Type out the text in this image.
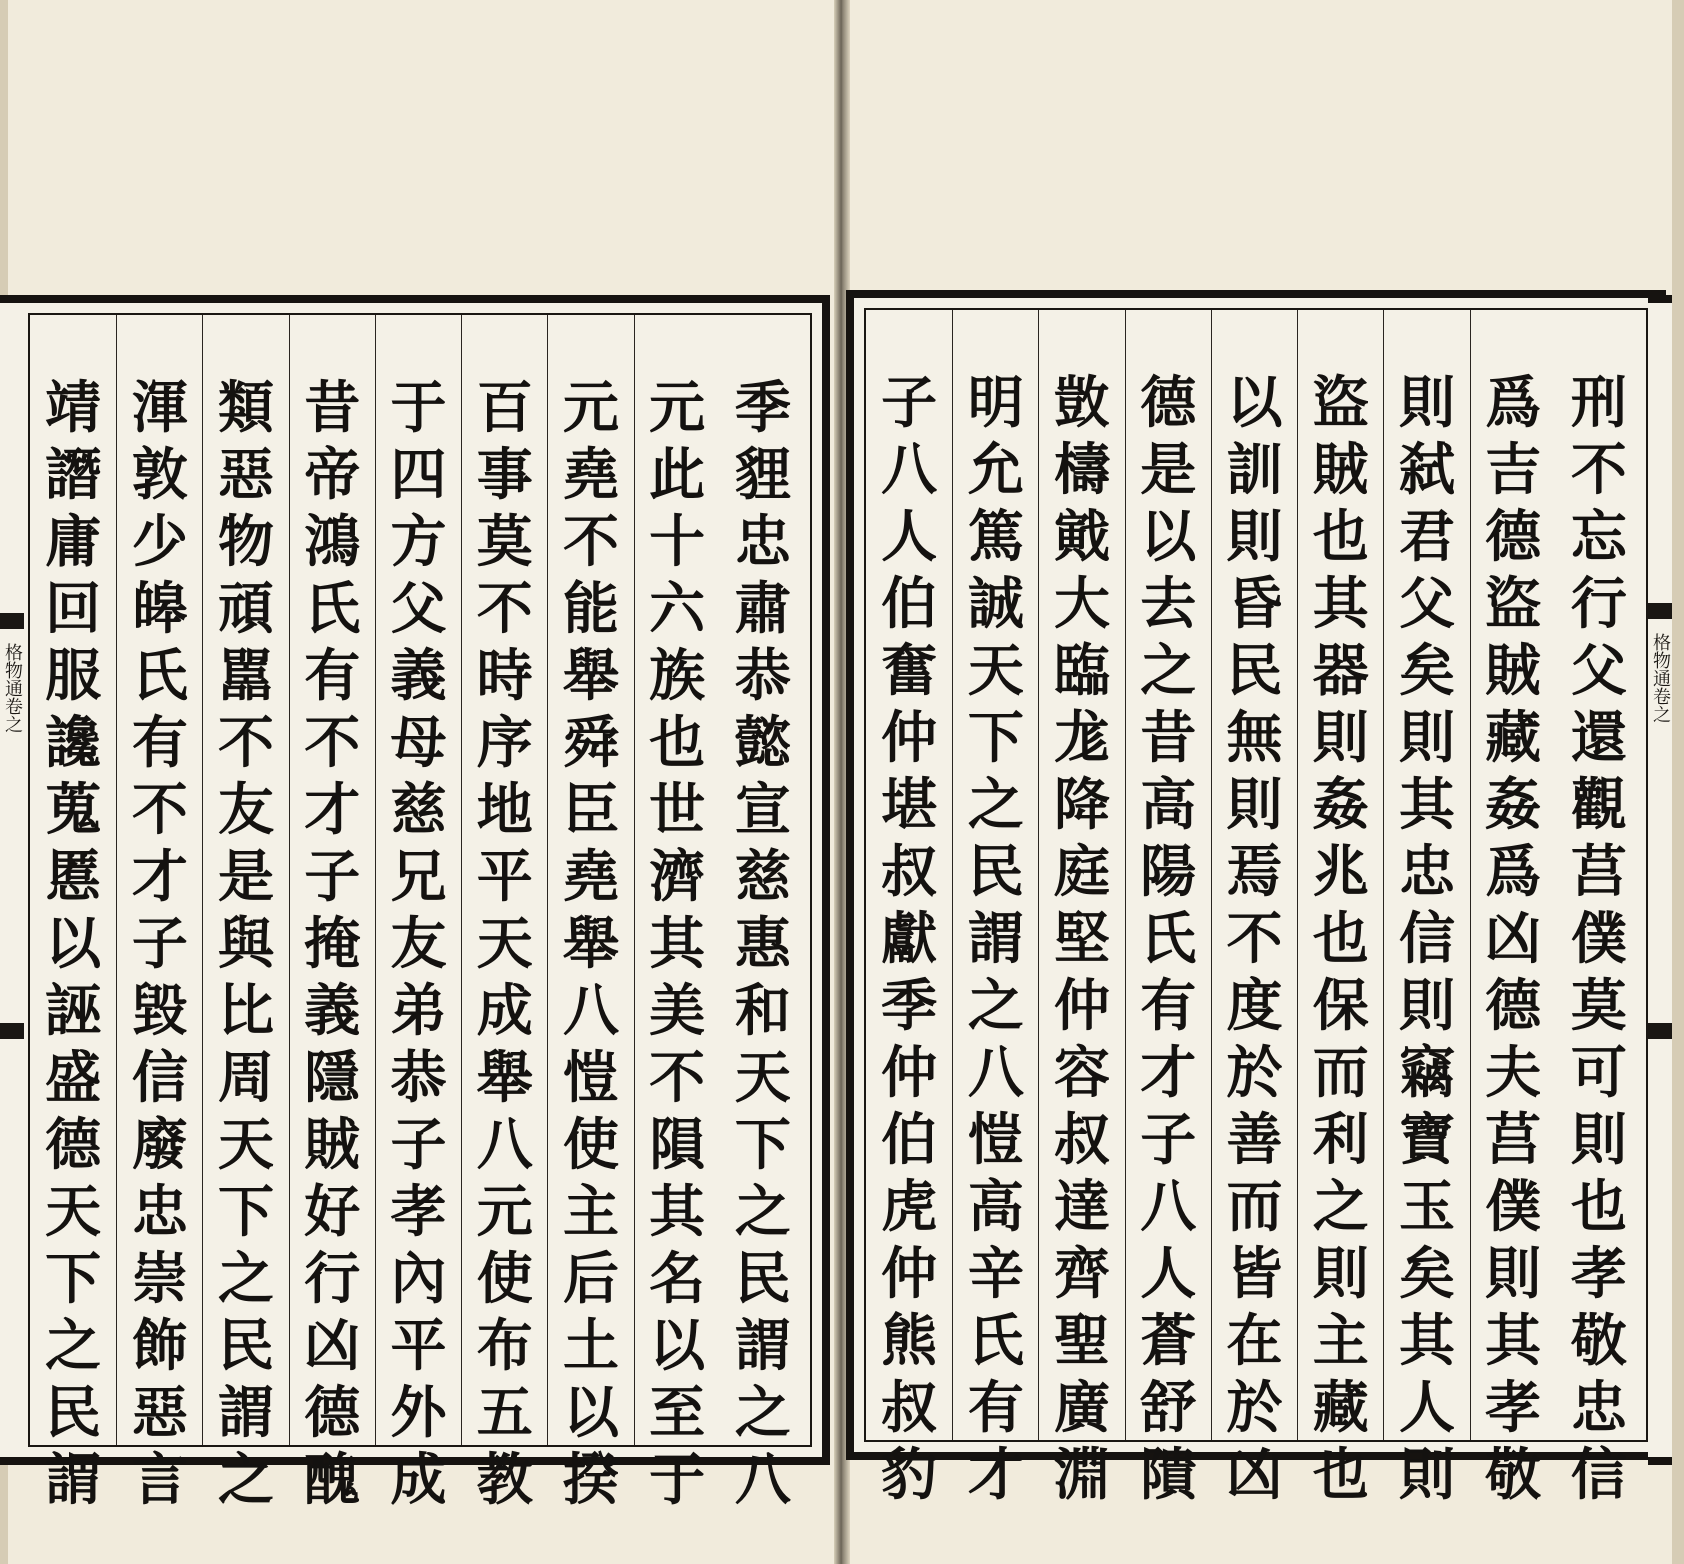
季
貍
忠
肅
恭
懿
宣
慈
惠
和
天
下
之
民
謂
之
八
元
此
十
六
族
也
世
濟
其
美
不
隕
其
名
以
至
于
元
堯
不
能
舉
舜
臣
堯
舉
八
愷
使
主
后
土
以
揆
百
事
莫
不
時
序
地
平
天
成
舉
八
元
使
布
五
教
于
四
方
父
義
母
慈
兄
友
弟
恭
子
孝
內
平
外
成
昔
帝
鴻
氏
有
不
才
子
掩
義
隱
賊
好
行
凶
德
醜
類
惡
物
頑
嚚
不
友
是
與
比
周
天
下
之
民
謂
之
渾
敦
少
皞
氏
有
不
才
子
毀
信
廢
忠
崇
飾
惡
言
靖
譖
庸
回
服
讒
蒐
慝
以
誣
盛
德
天
下
之
民
謂
刑
不
忘
行
父
還
觀
莒
僕
莫
可
則
也
孝
敬
忠
信
爲
吉
德
盜
賊
藏
姦
爲
凶
德
夫
莒
僕
則
其
孝
敬
則
弑
君
父
矣
則
其
忠
信
則
竊
寶
玉
矣
其
人
則
盜
賊
也
其
器
則
姦
兆
也
保
而
利
之
則
主
藏
也
以
訓
則
昏
民
無
則
焉
不
度
於
善
而
皆
在
於
凶
德
是
以
去
之
昔
高
陽
氏
有
才
子
八
人
蒼
舒
隤
敳
檮
戭
大
臨
尨
降
庭
堅
仲
容
叔
達
齊
聖
廣
淵
明
允
篤
誠
天
下
之
民
謂
之
八
愷
高
辛
氏
有
才
子
八
人
伯
奮
仲
堪
叔
獻
季
仲
伯
虎
仲
熊
叔
豹
格物通卷之
格物通卷之
